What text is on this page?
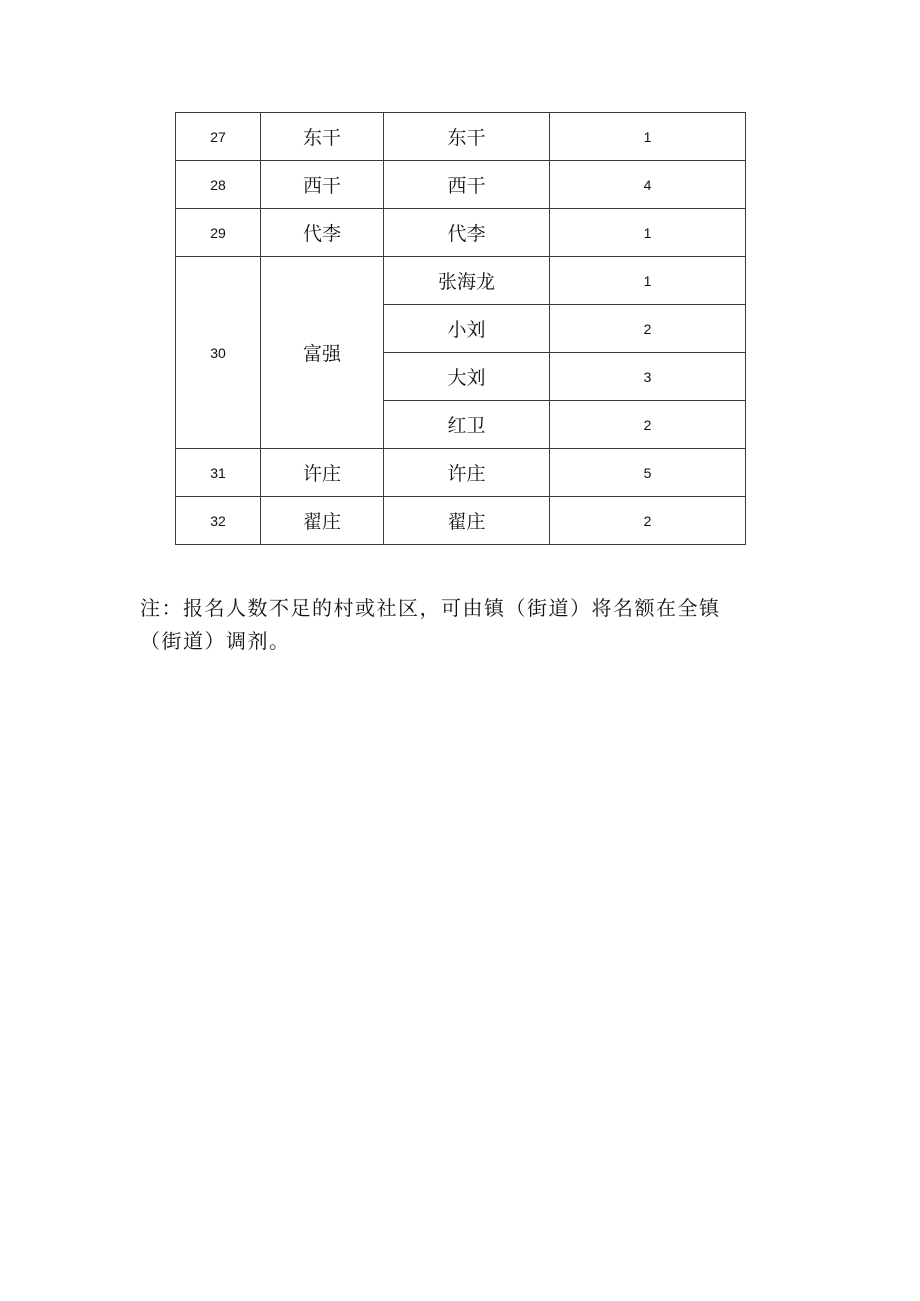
27	东干	东干	1
28	西干	西干	4
29	代李	代李	1
30	富强	张海龙	1
		小刘	2
		大刘	3
		红卫	2
31	许庄	许庄	5
32	翟庄	翟庄	2

注：报名人数不足的村或社区，可由镇（街道）将名额在全镇
（街道）调剂。
